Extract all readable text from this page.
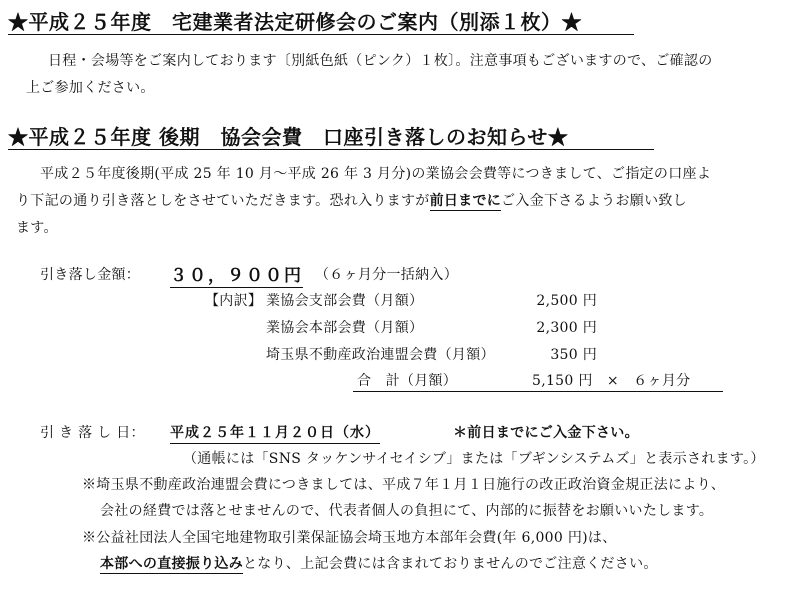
★平成２５年度　宅建業者法定研修会のご案内（別添１枚）★
日程・会場等をご案内しております〔別紙色紙（ピンク）１枚〕。注意事項もございますので、ご確認の
上ご参加ください。
★平成２５年度 後期　協会会費　口座引き落しのお知らせ★
平成２５年度後期(平成 25 年 10 月～平成 26 年 3 月分)の業協会会費等につきまして、ご指定の口座よ
り下記の通り引き落としをさせていただきます。恐れ入りますが前日までにご入金下さるようお願い致し
ます。
引き落し金額： ３０，９００円 （６ヶ月分一括納入）
【内訳】 業協会支部会費（月額）	2,500 円
業協会本部会費（月額）	2,300 円
埼玉県不動産政治連盟会費（月額）	350 円
合　計（月額）	5,150 円　×　６ヶ月分
引 き 落 し 日： 平成２５年１１月２０日（水）	＊前日までにご入金下さい。
（通帳には「SNS タッケンサイセイシブ」または「ブギンシステムズ」と表示されます。）
※埼玉県不動産政治連盟会費につきましては、平成７年１月１日施行の改正政治資金規正法により、
会社の経費では落とせませんので、代表者個人の負担にて、内部的に振替をお願いいたします。
※公益社団法人全国宅地建物取引業保証協会埼玉地方本部年会費(年 6,000 円)は、
本部への直接振り込みとなり、上記会費には含まれておりませんのでご注意ください。
